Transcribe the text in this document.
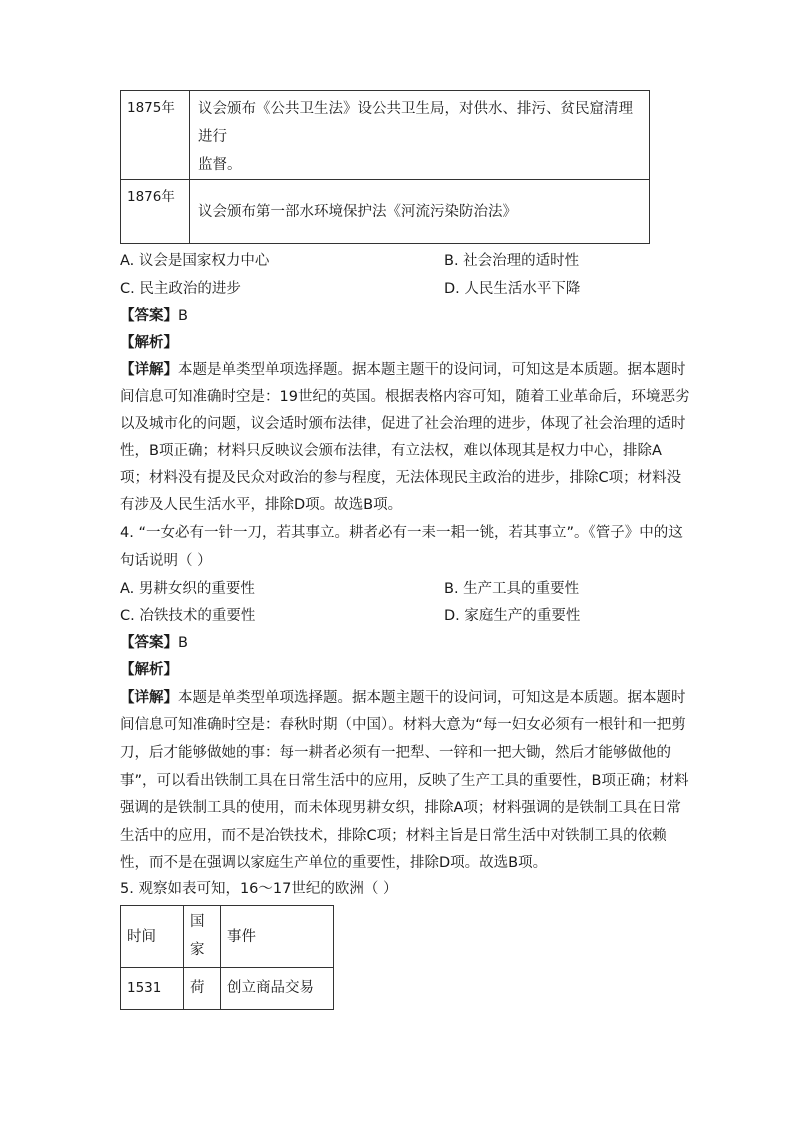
1875年	议会颁布《公共卫生法》设公共卫生局，对供水、排污、贫民窟清理进行
监督。

1876年	议会颁布第一部水环境保护法《河流污染防治法》
A. 议会是国家权力中心	B. 社会治理的适时性
C. 民主政治的进步	D. 人民生活水平下降
【答案】B
【解析】
【详解】本题是单类型单项选择题。据本题主题干的设问词，可知这是本质题。据本题时
间信息可知准确时空是：19世纪的英国。根据表格内容可知，随着工业革命后，环境恶劣
以及城市化的问题，议会适时颁布法律，促进了社会治理的进步，体现了社会治理的适时
性，B项正确；材料只反映议会颁布法律，有立法权，难以体现其是权力中心，排除A
项；材料没有提及民众对政治的参与程度，无法体现民主政治的进步，排除C项；材料没
有涉及人民生活水平，排除D项。故选B项。
4. “一女必有一针一刀，若其事立。耕者必有一耒一耜一铫，若其事立”。《管子》中的这
句话说明（ ）
A. 男耕女织的重要性	B. 生产工具的重要性
C. 冶铁技术的重要性	D. 家庭生产的重要性
【答案】B
【解析】
【详解】本题是单类型单项选择题。据本题主题干的设问词，可知这是本质题。据本题时
间信息可知准确时空是：春秋时期（中国）。材料大意为“每一妇女必须有一根针和一把剪
刀，后才能够做她的事：每一耕者必须有一把犁、一锌和一把大锄，然后才能够做他的
事”，可以看出铁制工具在日常生活中的应用，反映了生产工具的重要性，B项正确；材料
强调的是铁制工具的使用，而未体现男耕女织，排除A项；材料强调的是铁制工具在日常
生活中的应用，而不是冶铁技术，排除C项；材料主旨是日常生活中对铁制工具的依赖
性，而不是在强调以家庭生产单位的重要性，排除D项。故选B项。
5. 观察如表可知，16～17世纪的欧洲（ ）
时间	国家	事件
1531	荷	创立商品交易
